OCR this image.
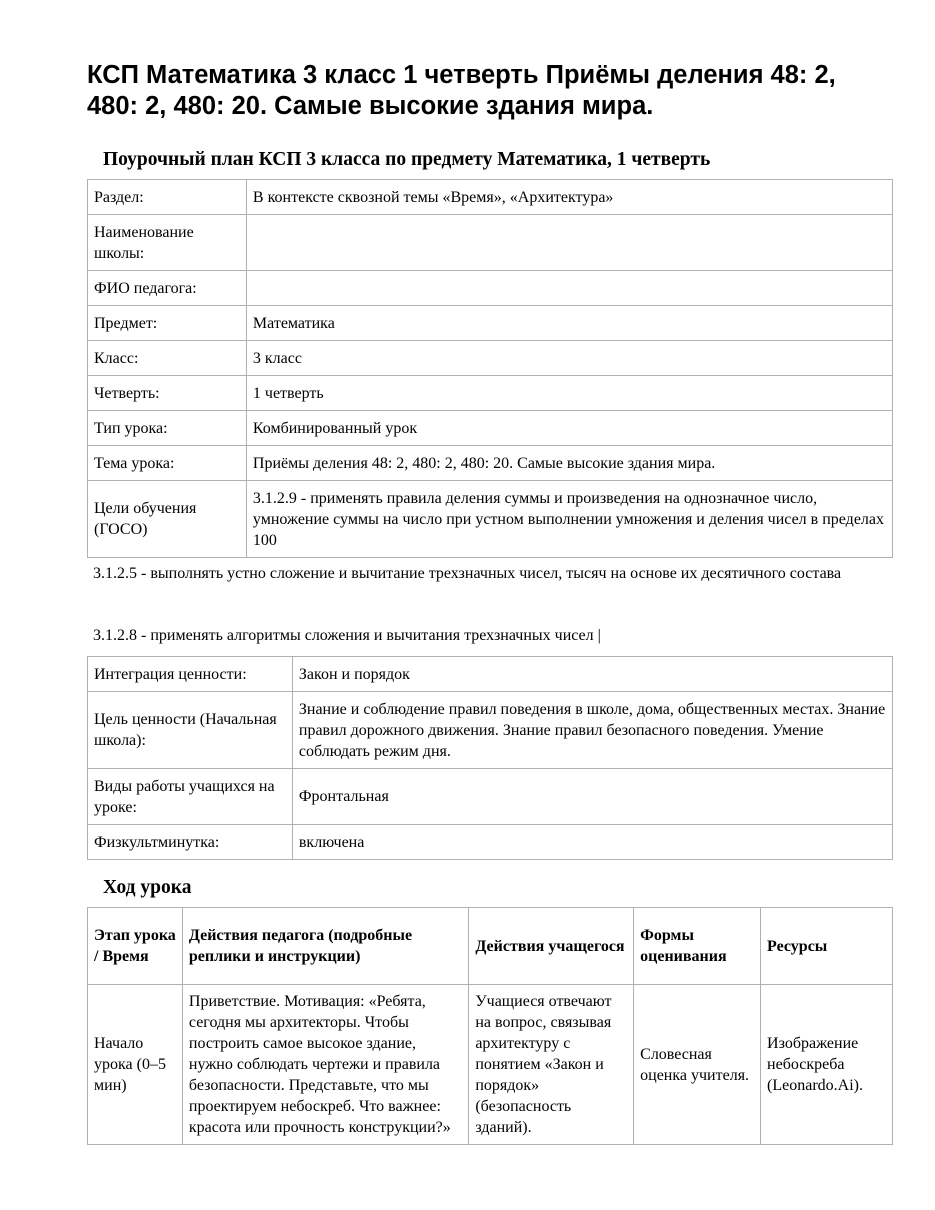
КСП Математика 3 класс 1 четверть Приёмы деления 48: 2, 480: 2, 480: 20. Самые высокие здания мира.

Поурочный план КСП 3 класса по предмету Математика, 1 четверть

Раздел:	В контексте сквозной темы «Время», «Архитектура»
Наименование школы:	
ФИО педагога:	
Предмет:	Математика
Класс:	3 класс
Четверть:	1 четверть
Тип урока:	Комбинированный урок
Тема урока:	Приёмы деления 48: 2, 480: 2, 480: 20. Самые высокие здания мира.
Цели обучения (ГОСО)	3.1.2.9 - применять правила деления суммы и произведения на однозначное число, умножение суммы на число при устном выполнении умножения и деления чисел в пределах 100

3.1.2.5 - выполнять устно сложение и вычитание трехзначных чисел, тысяч на основе их десятичного состава

3.1.2.8 - применять алгоритмы сложения и вычитания трехзначных чисел |

Интеграция ценности:	Закон и порядок
Цель ценности (Начальная школа):	Знание и соблюдение правил поведения в школе, дома, общественных местах. Знание правил дорожного движения. Знание правил безопасного поведения. Умение соблюдать режим дня.
Виды работы учащихся на уроке:	Фронтальная
Физкультминутка:	включена

Ход урока

Этап урока / Время	Действия педагога (подробные реплики и инструкции)	Действия учащегося	Формы оценивания	Ресурсы
Начало урока (0–5 мин)	Приветствие. Мотивация: «Ребята, сегодня мы архитекторы. Чтобы построить самое высокое здание, нужно соблюдать чертежи и правила безопасности. Представьте, что мы проектируем небоскреб. Что важнее: красота или прочность конструкции?»	Учащиеся отвечают на вопрос, связывая архитектуру с понятием «Закон и порядок» (безопасность зданий).	Словесная оценка учителя.	Изображение небоскреба (Leonardo.Ai).
